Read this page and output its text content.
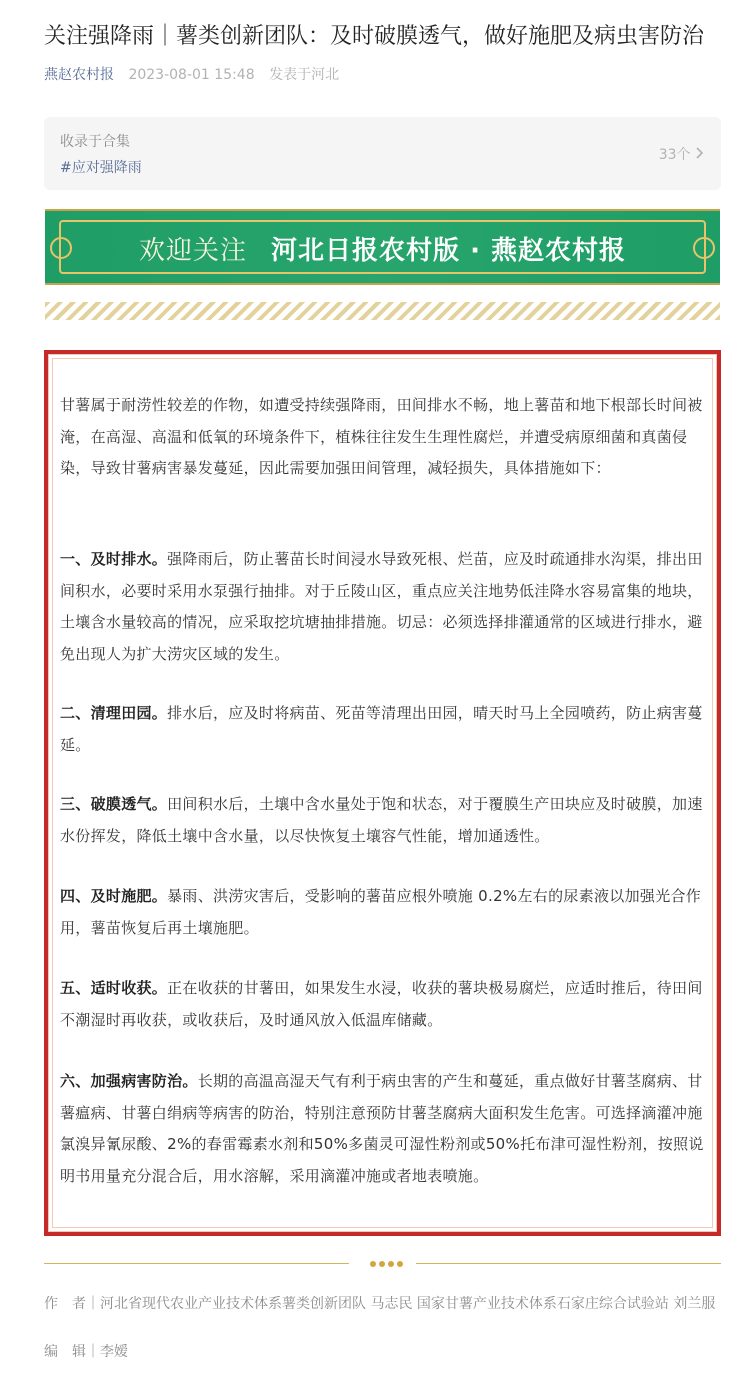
关注强降雨｜薯类创新团队：及时破膜透气，做好施肥及病虫害防治
燕赵农村报 2023-08-01 15:48 发表于河北
收录于合集
#应对强降雨
33个
欢迎关注 河北日报农村版 · 燕赵农村报
甘薯属于耐涝性较差的作物，如遭受持续强降雨，田间排水不畅，地上薯苗和地下根部长时间被淹，在高湿、高温和低氧的环境条件下，植株往往发生生理性腐烂，并遭受病原细菌和真菌侵染，导致甘薯病害暴发蔓延，因此需要加强田间管理，减轻损失，具体措施如下：
一、及时排水。强降雨后，防止薯苗长时间浸水导致死根、烂苗，应及时疏通排水沟渠，排出田间积水，必要时采用水泵强行抽排。对于丘陵山区，重点应关注地势低洼降水容易富集的地块，土壤含水量较高的情况，应采取挖坑塘抽排措施。切忌：必须选择排灌通常的区域进行排水，避免出现人为扩大涝灾区域的发生。
二、清理田园。排水后，应及时将病苗、死苗等清理出田园，晴天时马上全园喷药，防止病害蔓延。
三、破膜透气。田间积水后，土壤中含水量处于饱和状态，对于覆膜生产田块应及时破膜，加速水份挥发，降低土壤中含水量，以尽快恢复土壤容气性能，增加通透性。
四、及时施肥。暴雨、洪涝灾害后，受影响的薯苗应根外喷施 0.2%左右的尿素液以加强光合作用，薯苗恢复后再土壤施肥。
五、适时收获。正在收获的甘薯田，如果发生水浸，收获的薯块极易腐烂，应适时推后，待田间不潮湿时再收获，或收获后，及时通风放入低温库储藏。
六、加强病害防治。长期的高温高湿天气有利于病虫害的产生和蔓延，重点做好甘薯茎腐病、甘薯瘟病、甘薯白绢病等病害的防治，特别注意预防甘薯茎腐病大面积发生危害。可选择滴灌冲施氯溴异氰尿酸、2%的春雷霉素水剂和50%多菌灵可湿性粉剂或50%托布津可湿性粉剂，按照说明书用量充分混合后，用水溶解，采用滴灌冲施或者地表喷施。
作　者｜河北省现代农业产业技术体系薯类创新团队 马志民 国家甘薯产业技术体系石家庄综合试验站 刘兰服
编　辑｜李嫒
